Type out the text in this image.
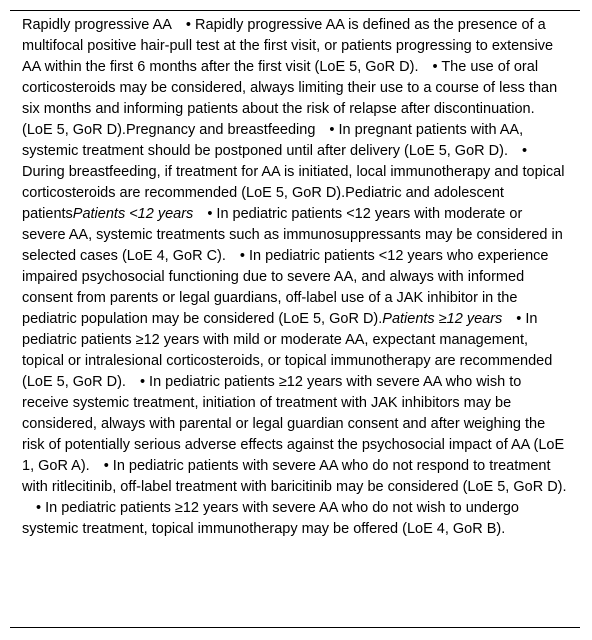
Rapidly progressive AA • Rapidly progressive AA is defined as the presence of a multifocal positive hair-pull test at the first visit, or patients progressing to extensive AA within the first 6 months after the first visit (LoE 5, GoR D). • The use of oral corticosteroids may be considered, always limiting their use to a course of less than six months and informing patients about the risk of relapse after discontinuation. (LoE 5, GoR D).Pregnancy and breastfeeding • In pregnant patients with AA, systemic treatment should be postponed until after delivery (LoE 5, GoR D). • During breastfeeding, if treatment for AA is initiated, local immunotherapy and topical corticosteroids are recommended (LoE 5, GoR D).Pediatric and adolescent patientsPatients <12 years • In pediatric patients <12 years with moderate or severe AA, systemic treatments such as immunosuppressants may be considered in selected cases (LoE 4, GoR C). • In pediatric patients <12 years who experience impaired psychosocial functioning due to severe AA, and always with informed consent from parents or legal guardians, off-label use of a JAK inhibitor in the pediatric population may be considered (LoE 5, GoR D).Patients ≥12 years • In pediatric patients ≥12 years with mild or moderate AA, expectant management, topical or intralesional corticosteroids, or topical immunotherapy are recommended (LoE 5, GoR D). • In pediatric patients ≥12 years with severe AA who wish to receive systemic treatment, initiation of treatment with JAK inhibitors may be considered, always with parental or legal guardian consent and after weighing the risk of potentially serious adverse effects against the psychosocial impact of AA (LoE 1, GoR A). • In pediatric patients with severe AA who do not respond to treatment with ritlecitinib, off-label treatment with baricitinib may be considered (LoE 5, GoR D).• In pediatric patients ≥12 years with severe AA who do not wish to undergo systemic treatment, topical immunotherapy may be offered (LoE 4, GoR B).
